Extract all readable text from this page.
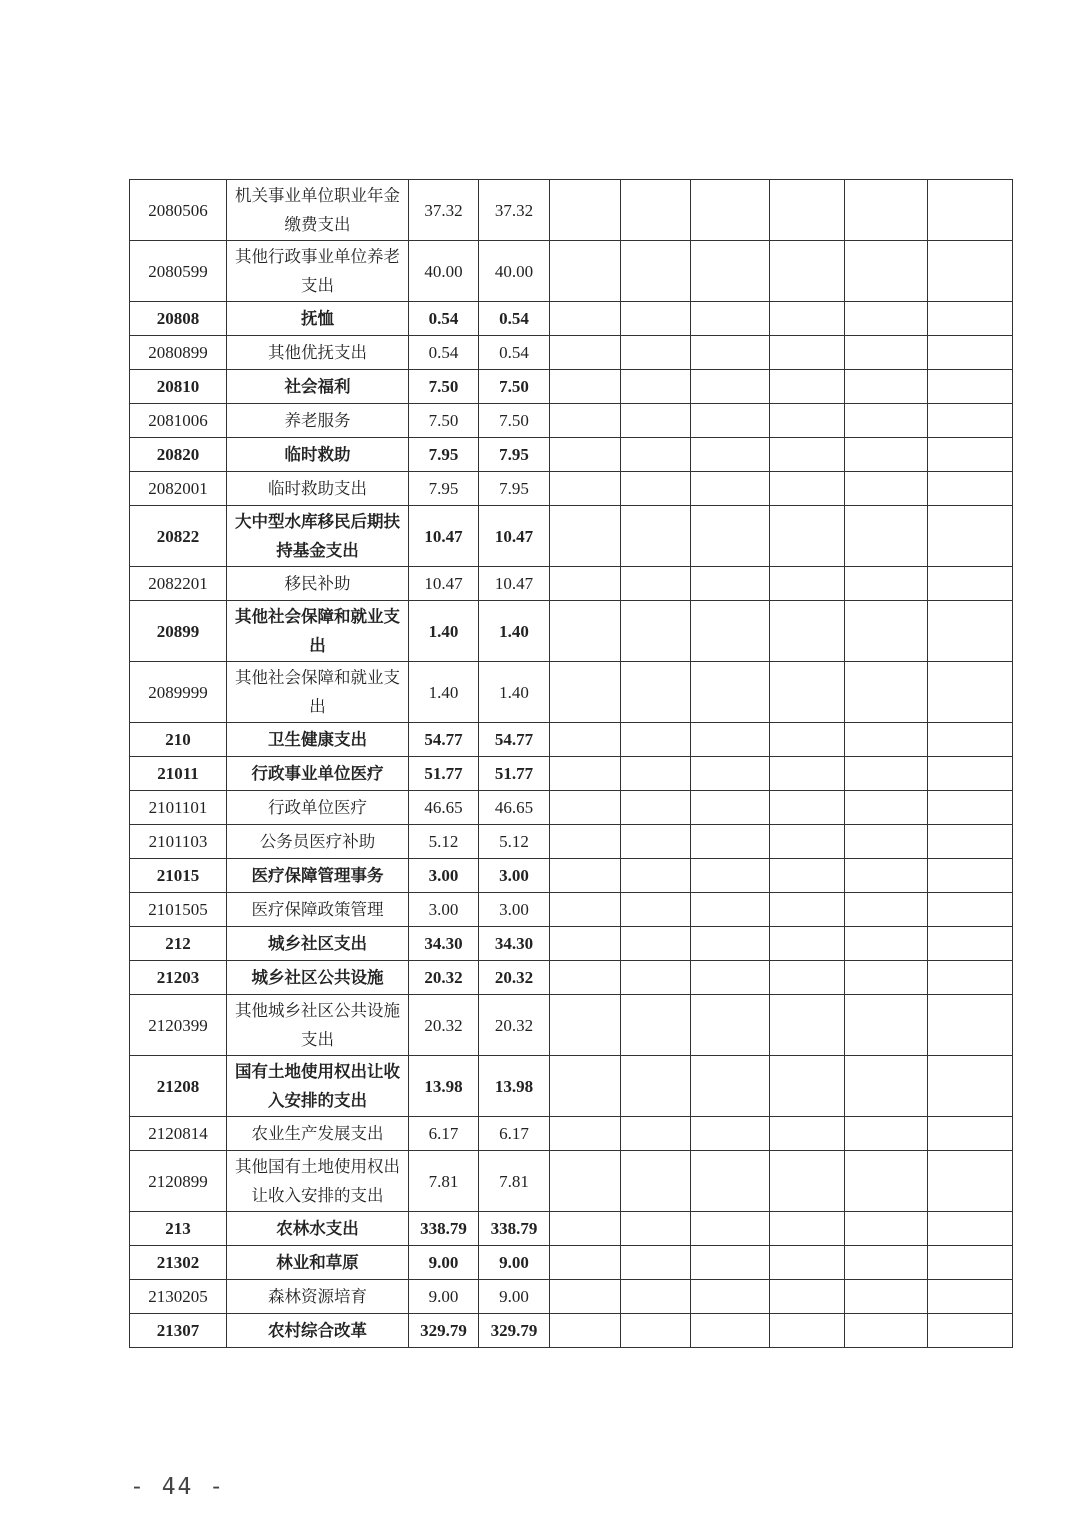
2080506	机关事业单位职业年金缴费支出	37.32	37.32						
2080599	其他行政事业单位养老支出	40.00	40.00						
20808	抚恤	0.54	0.54						
2080899	其他优抚支出	0.54	0.54						
20810	社会福利	7.50	7.50						
2081006	养老服务	7.50	7.50						
20820	临时救助	7.95	7.95						
2082001	临时救助支出	7.95	7.95						
20822	大中型水库移民后期扶持基金支出	10.47	10.47						
2082201	移民补助	10.47	10.47						
20899	其他社会保障和就业支出	1.40	1.40						
2089999	其他社会保障和就业支出	1.40	1.40						
210	卫生健康支出	54.77	54.77						
21011	行政事业单位医疗	51.77	51.77						
2101101	行政单位医疗	46.65	46.65						
2101103	公务员医疗补助	5.12	5.12						
21015	医疗保障管理事务	3.00	3.00						
2101505	医疗保障政策管理	3.00	3.00						
212	城乡社区支出	34.30	34.30						
21203	城乡社区公共设施	20.32	20.32						
2120399	其他城乡社区公共设施支出	20.32	20.32						
21208	国有土地使用权出让收入安排的支出	13.98	13.98						
2120814	农业生产发展支出	6.17	6.17						
2120899	其他国有土地使用权出让收入安排的支出	7.81	7.81						
213	农林水支出	338.79	338.79						
21302	林业和草原	9.00	9.00						
2130205	森林资源培育	9.00	9.00						
21307	农村综合改革	329.79	329.79						
- 44 -
